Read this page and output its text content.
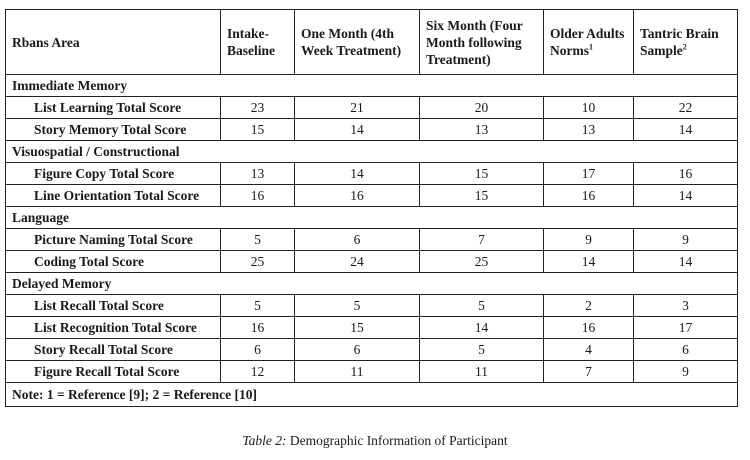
Rbans Area	Intake-Baseline	One Month (4th Week Treatment)	Six Month (Four Month following Treatment)	Older Adults Norms$^1$	Tantric Brain Sample$^2$
Immediate Memory					
List Learning Total Score	23	21	20	10	22
Story Memory Total Score	15	14	13	13	14
Visuospatial / Constructional					
Figure Copy Total Score	13	14	15	17	16
Line Orientation Total Score	16	16	15	16	14
Language					
Picture Naming Total Score	5	6	7	9	9
Coding Total Score	25	24	25	14	14
Delayed Memory					
List Recall Total Score	5	5	5	2	3
List Recognition Total Score	16	15	14	16	17
Story Recall Total Score	6	6	5	4	6
Figure Recall Total Score	12	11	11	7	9
Note: 1 = Reference [9]; 2 = Reference [10]					
Table 2: Demographic Information of Participant
